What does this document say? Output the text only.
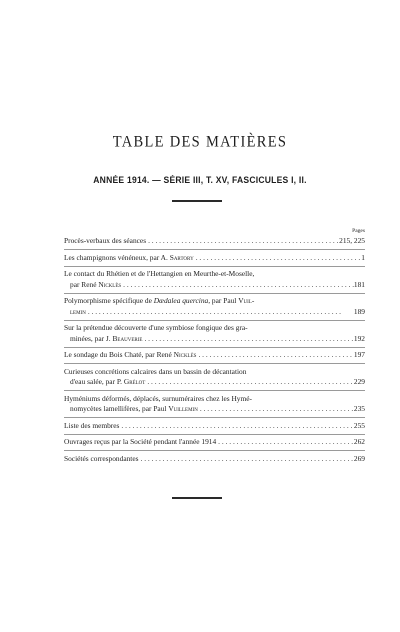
TABLE DES MATIÈRES
ANNÉE 1914. — SÉRIE III, T. XV, FASCICULES I, II.
Pages
Procès-verbaux des séances . . .	215, 225
Les champignons vénéneux, par A. Sartory . . .	1
Le contact du Rhétien et de l'Hettangien en Meurthe-et-Moselle,
par René Nicklès . . .	181
Polymorphisme spécifique de Dædalea quercina, par Paul Vuil-
lemin . . .	189
Sur la prétendue découverte d'une symbiose fongique des gra-
minées, par J. Beauverie . . .	192
Le sondage du Bois Chaté, par René Nicklès . . .	197
Curieuses concrétions calcaires dans un bassin de décantation
d'eau salée, par P. Grélot . . .	229
Hyméniums déformés, déplacés, surnuméraires chez les Hymé-
nomycètes lamellifères, par Paul Vuillemin . . .	235
Liste des membres . . .	255
Ouvrages reçus par la Société pendant l'année 1914 . . .	262
Sociétés correspondantes . . .	269
